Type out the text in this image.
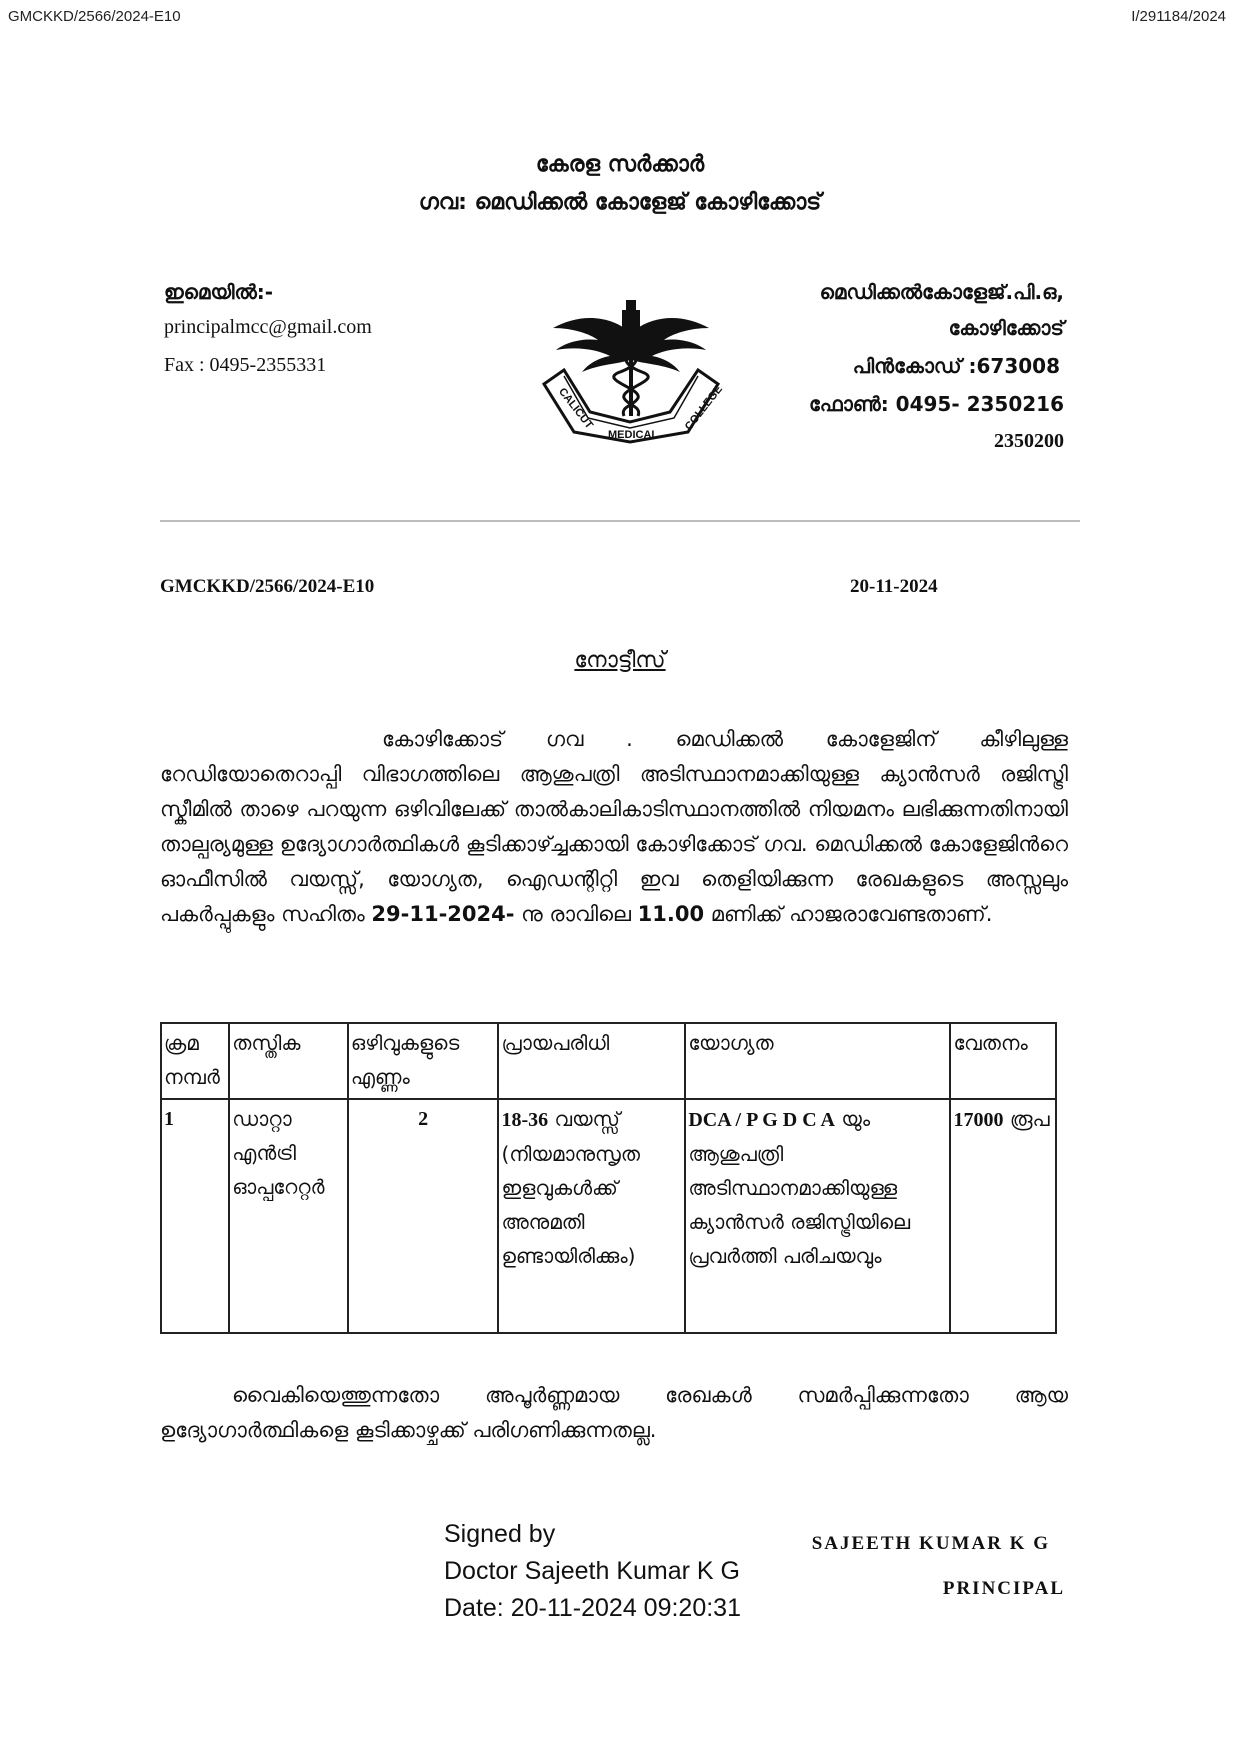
GMCKKD/2566/2024-E10	I/291184/2024
കേരള സർക്കാർ
ഗവ: മെഡിക്കൽ കോളേജ് കോഴിക്കോട്
ഇമെയിൽ:-
principalmcc@gmail.com
Fax : 0495-2355331
CALICUT
MEDICAL
COLLEGE
മെഡിക്കൽകോളേജ്.പി.ഒ,
കോഴിക്കോട്
പിൻകോഡ് :673008
ഫോൺ: 0495- 2350216
2350200
GMCKKD/2566/2024-E10	20-11-2024
നോട്ടീസ്
കോഴിക്കോട് ഗവ . മെഡിക്കൽ കോളേജിന് കീഴിലുള്ള റേഡിയോതെറാപ്പി വിഭാഗത്തിലെ ആശുപത്രി അടിസ്ഥാനമാക്കിയുള്ള ക്യാൻസർ രജിസ്ട്രി സ്കീമിൽ താഴെ പറയുന്ന ഒഴിവിലേക്ക് താൽകാലികാടിസ്ഥാനത്തിൽ നിയമനം ലഭിക്കുന്നതിനായി താല്പര്യമുള്ള ഉദ്യോഗാർത്ഥികൾ കൂടിക്കാഴ്ച്ചക്കായി കോഴിക്കോട് ഗവ. മെഡിക്കൽ കോളേജിൻറെ ഓഫീസിൽ വയസ്സ്, യോഗ്യത, ഐഡന്റിറ്റി ഇവ തെളിയിക്കുന്ന രേഖകളുടെ അസ്സലും പകർപ്പുകളും സഹിതം 29-11-2024- നു രാവിലെ 11.00 മണിക്ക് ഹാജരാവേണ്ടതാണ്.
ക്രമ നമ്പർ	തസ്തിക	ഒഴിവുകളുടെ എണ്ണം	പ്രായപരിധി	യോഗ്യത	വേതനം
1	ഡാറ്റാ എൻട്രി ഓപ്പറേറ്റർ	2	18-36 വയസ്സ് (നിയമാനുസൃത ഇളവുകൾക്ക് അനുമതി ഉണ്ടായിരിക്കും)	DCA / P G D C A യും ആശുപത്രി അടിസ്ഥാനമാക്കിയുള്ള ക്യാൻസർ രജിസ്ട്രിയിലെ പ്രവർത്തി പരിചയവും	17000 രൂപ
വൈകിയെത്തുന്നതോ അപൂർണ്ണമായ രേഖകൾ സമർപ്പിക്കുന്നതോ ആയ ഉദ്യോഗാർത്ഥികളെ കൂടിക്കാഴ്ചക്ക് പരിഗണിക്കുന്നതല്ല.
Signed by
Doctor Sajeeth Kumar K G
Date: 20-11-2024 09:20:31
SAJEETH KUMAR K G
PRINCIPAL
